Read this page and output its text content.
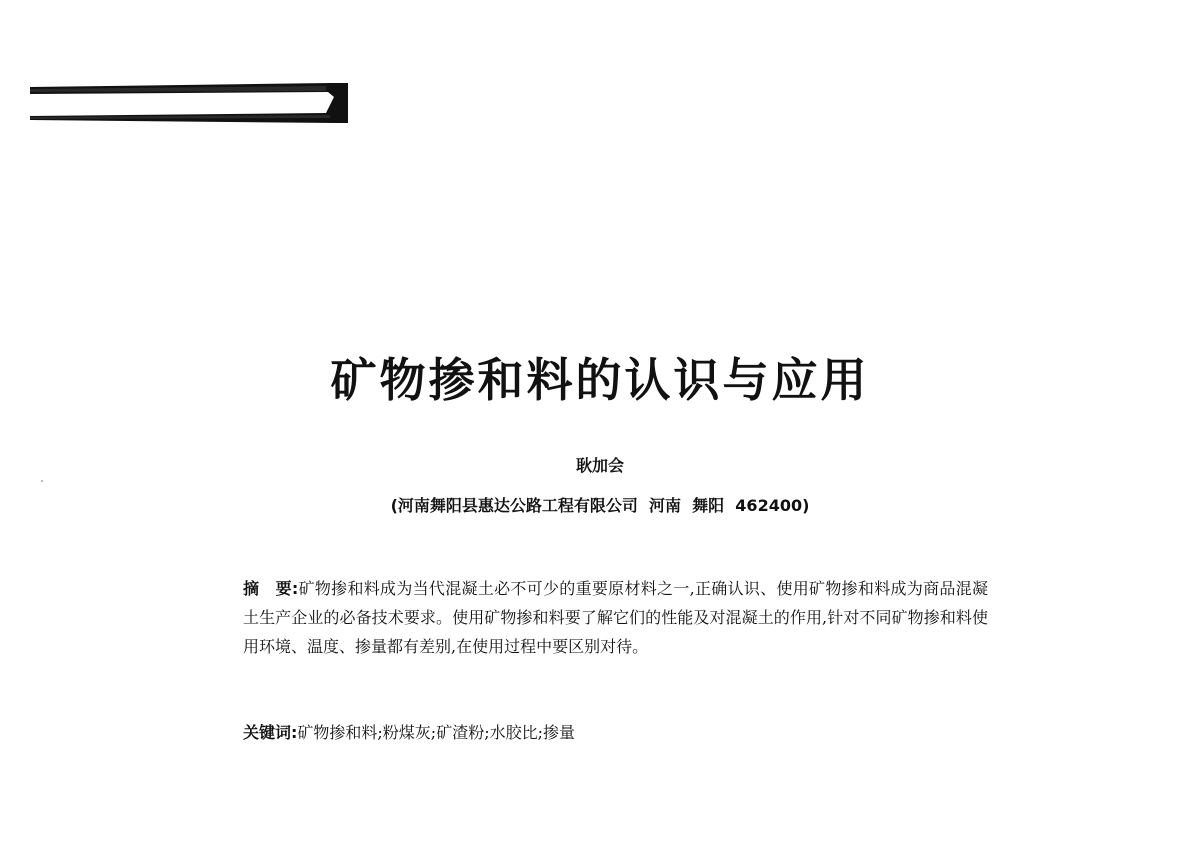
矿物掺和料的认识与应用
耿加会
(河南舞阳县惠达公路工程有限公司  河南  舞阳  462400)

摘　要:矿物掺和料成为当代混凝土必不可少的重要原材料之一,正确认识、使用矿物掺和料成为商品混凝土生产企业的必备技术要求。使用矿物掺和料要了解它们的性能及对混凝土的作用,针对不同矿物掺和料使用环境、温度、掺量都有差别,在使用过程中要区别对待。

关键词:矿物掺和料;粉煤灰;矿渣粉;水胶比;掺量
